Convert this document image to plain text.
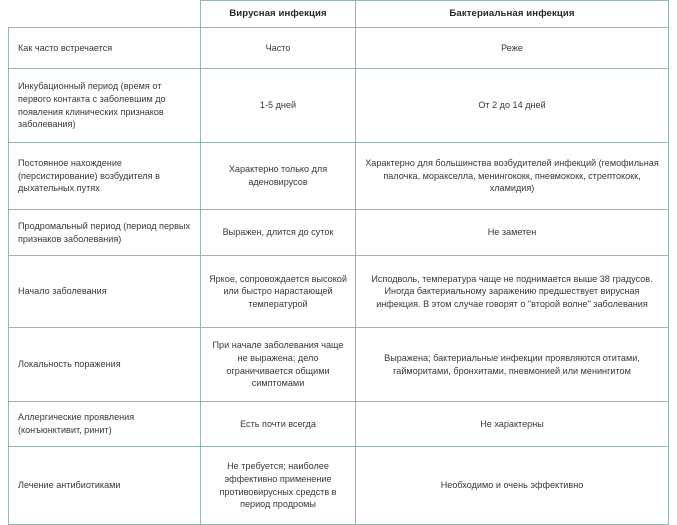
	Вирусная инфекция	Бактериальная инфекция

Как часто встречается	Часто	Реже

Инкубационный период (время от первого контакта с заболевшим до появления клинических признаков заболевания)	1-5 дней	От 2 до 14 дней

Постоянное нахождение (персистирование) возбудителя в дыхательных путях	Характерно только для аденовирусов	Характерно для большинства возбудителей инфекций (гемофильная палочка, моракселла, менингококк, пневмококк, стрептококк, хламидия)

Продромальный период (период первых признаков заболевания)	Выражен, длится до суток	Не заметен

Начало заболевания	Яркое, сопровождается высокой или быстро нарастающей температурой	Исподволь, температура чаще не поднимается выше 38 градусов. Иногда бактериальному заражению предшествует вирусная инфекция. В этом случае говорят о "второй волне" заболевания

Локальность поражения	При начале заболевания чаще не выражена; дело ограничивается общими симптомами	Выражена; бактериальные инфекции проявляются отитами, гайморитами, бронхитами, пневмонией или менингитом

Аллергические проявления (конъюнктивит, ринит)	Есть почти всегда	Не характерны

Лечение антибиотиками	Не требуется; наиболее эффективно применение противовирусных средств в период продромы	Необходимо и очень эффективно
